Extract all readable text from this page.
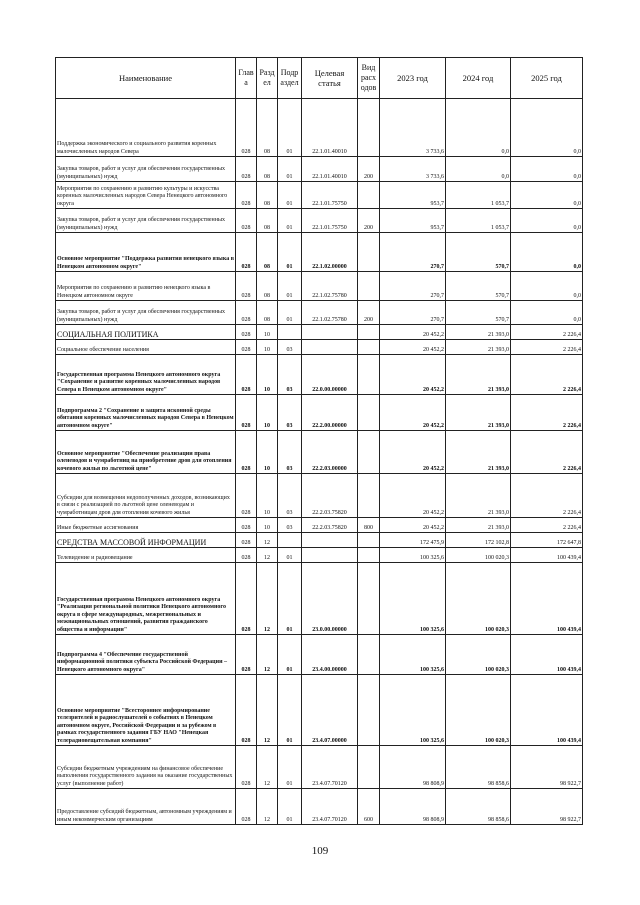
Наименование	Глав а	Разд ел	Подр аздел	Целевая статья	Вид расх одов	2023 год	2024 год	2025 год
Поддержка экономического и социального развития коренных малочисленных народов Севера	028	08	01	22.1.01.40010		3 733,6	0,0	0,0
Закупка товаров, работ и услуг для обеспечения государственных (муниципальных) нужд	028	08	01	22.1.01.40010	200	3 733,6	0,0	0,0
Мероприятия по сохранению и развитию культуры и искусства коренных малочисленных народов Севера Ненецкого автономного округа	028	08	01	22.1.01.75750		953,7	1 053,7	0,0
Закупка товаров, работ и услуг для обеспечения государственных (муниципальных) нужд	028	08	01	22.1.01.75750	200	953,7	1 053,7	0,0
Основное мероприятие "Поддержка развития ненецкого языка в Ненецком автономном округе"	028	08	01	22.1.02.00000		270,7	570,7	0,0
Мероприятия по сохранению и развитию ненецкого языка в Ненецком автономном округе	028	08	01	22.1.02.75780		270,7	570,7	0,0
Закупка товаров, работ и услуг для обеспечения государственных (муниципальных) нужд	028	08	01	22.1.02.75780	200	270,7	570,7	0,0
СОЦИАЛЬНАЯ ПОЛИТИКА	028	10				20 452,2	21 393,0	2 226,4
Социальное обеспечение населения	028	10	03			20 452,2	21 393,0	2 226,4
Государственная программа Ненецкого автономного округа "Сохранение и развитие коренных малочисленных народов Севера в Ненецком автономном округе"	028	10	03	22.0.00.00000		20 452,2	21 393,0	2 226,4
Подпрограмма 2 "Сохранение и защита исконной среды обитания коренных малочисленных народов Севера в Ненецком автономном округе"	028	10	03	22.2.00.00000		20 452,2	21 393,0	2 226,4
Основное мероприятие "Обеспечение реализации права оленеводов и чумработниц на приобретение дров для отопления кочевого жилья по льготной цене"	028	10	03	22.2.03.00000		20 452,2	21 393,0	2 226,4
Субсидии для возмещения недополученных доходов, возникающих в связи с реализацией по льготной цене оленеводам и чумработницам дров для отопления кочевого жилья	028	10	03	22.2.03.75820		20 452,2	21 393,0	2 226,4
Иные бюджетные ассигнования	028	10	03	22.2.03.75820	800	20 452,2	21 393,0	2 226,4
СРЕДСТВА МАССОВОЙ ИНФОРМАЦИИ	028	12				172 475,9	172 102,8	172 647,8
Телевидение и радиовещание	028	12	01			100 325,6	100 020,3	100 439,4
Государственная программа Ненецкого автономного округа "Реализация региональной политики Ненецкого автономного округа в сфере международных, межрегиональных и межнациональных отношений, развития гражданского общества и информации"	028	12	01	23.0.00.00000		100 325,6	100 020,3	100 439,4
Подпрограмма 4 "Обеспечение государственной информационной политики субъекта Российской Федерации – Ненецкого автономного округа"	028	12	01	23.4.00.00000		100 325,6	100 020,3	100 439,4
Основное мероприятие "Всестороннее информирование телезрителей и радиослушателей о событиях в Ненецком автономном округе, Российской Федерации и за рубежом в рамках государственного задания ГБУ НАО "Ненецкая телерадиовещательная компания"	028	12	01	23.4.07.00000		100 325,6	100 020,3	100 439,4
Субсидии бюджетным учреждениям на финансовое обеспечение выполнения государственного задания на оказание государственных услуг (выполнение работ)	028	12	01	23.4.07.70120		98 808,9	98 858,6	98 922,7
Предоставление субсидий бюджетным, автономным учреждениям и иным некоммерческим организациям	028	12	01	23.4.07.70120	600	98 808,9	98 858,6	98 922,7
109
